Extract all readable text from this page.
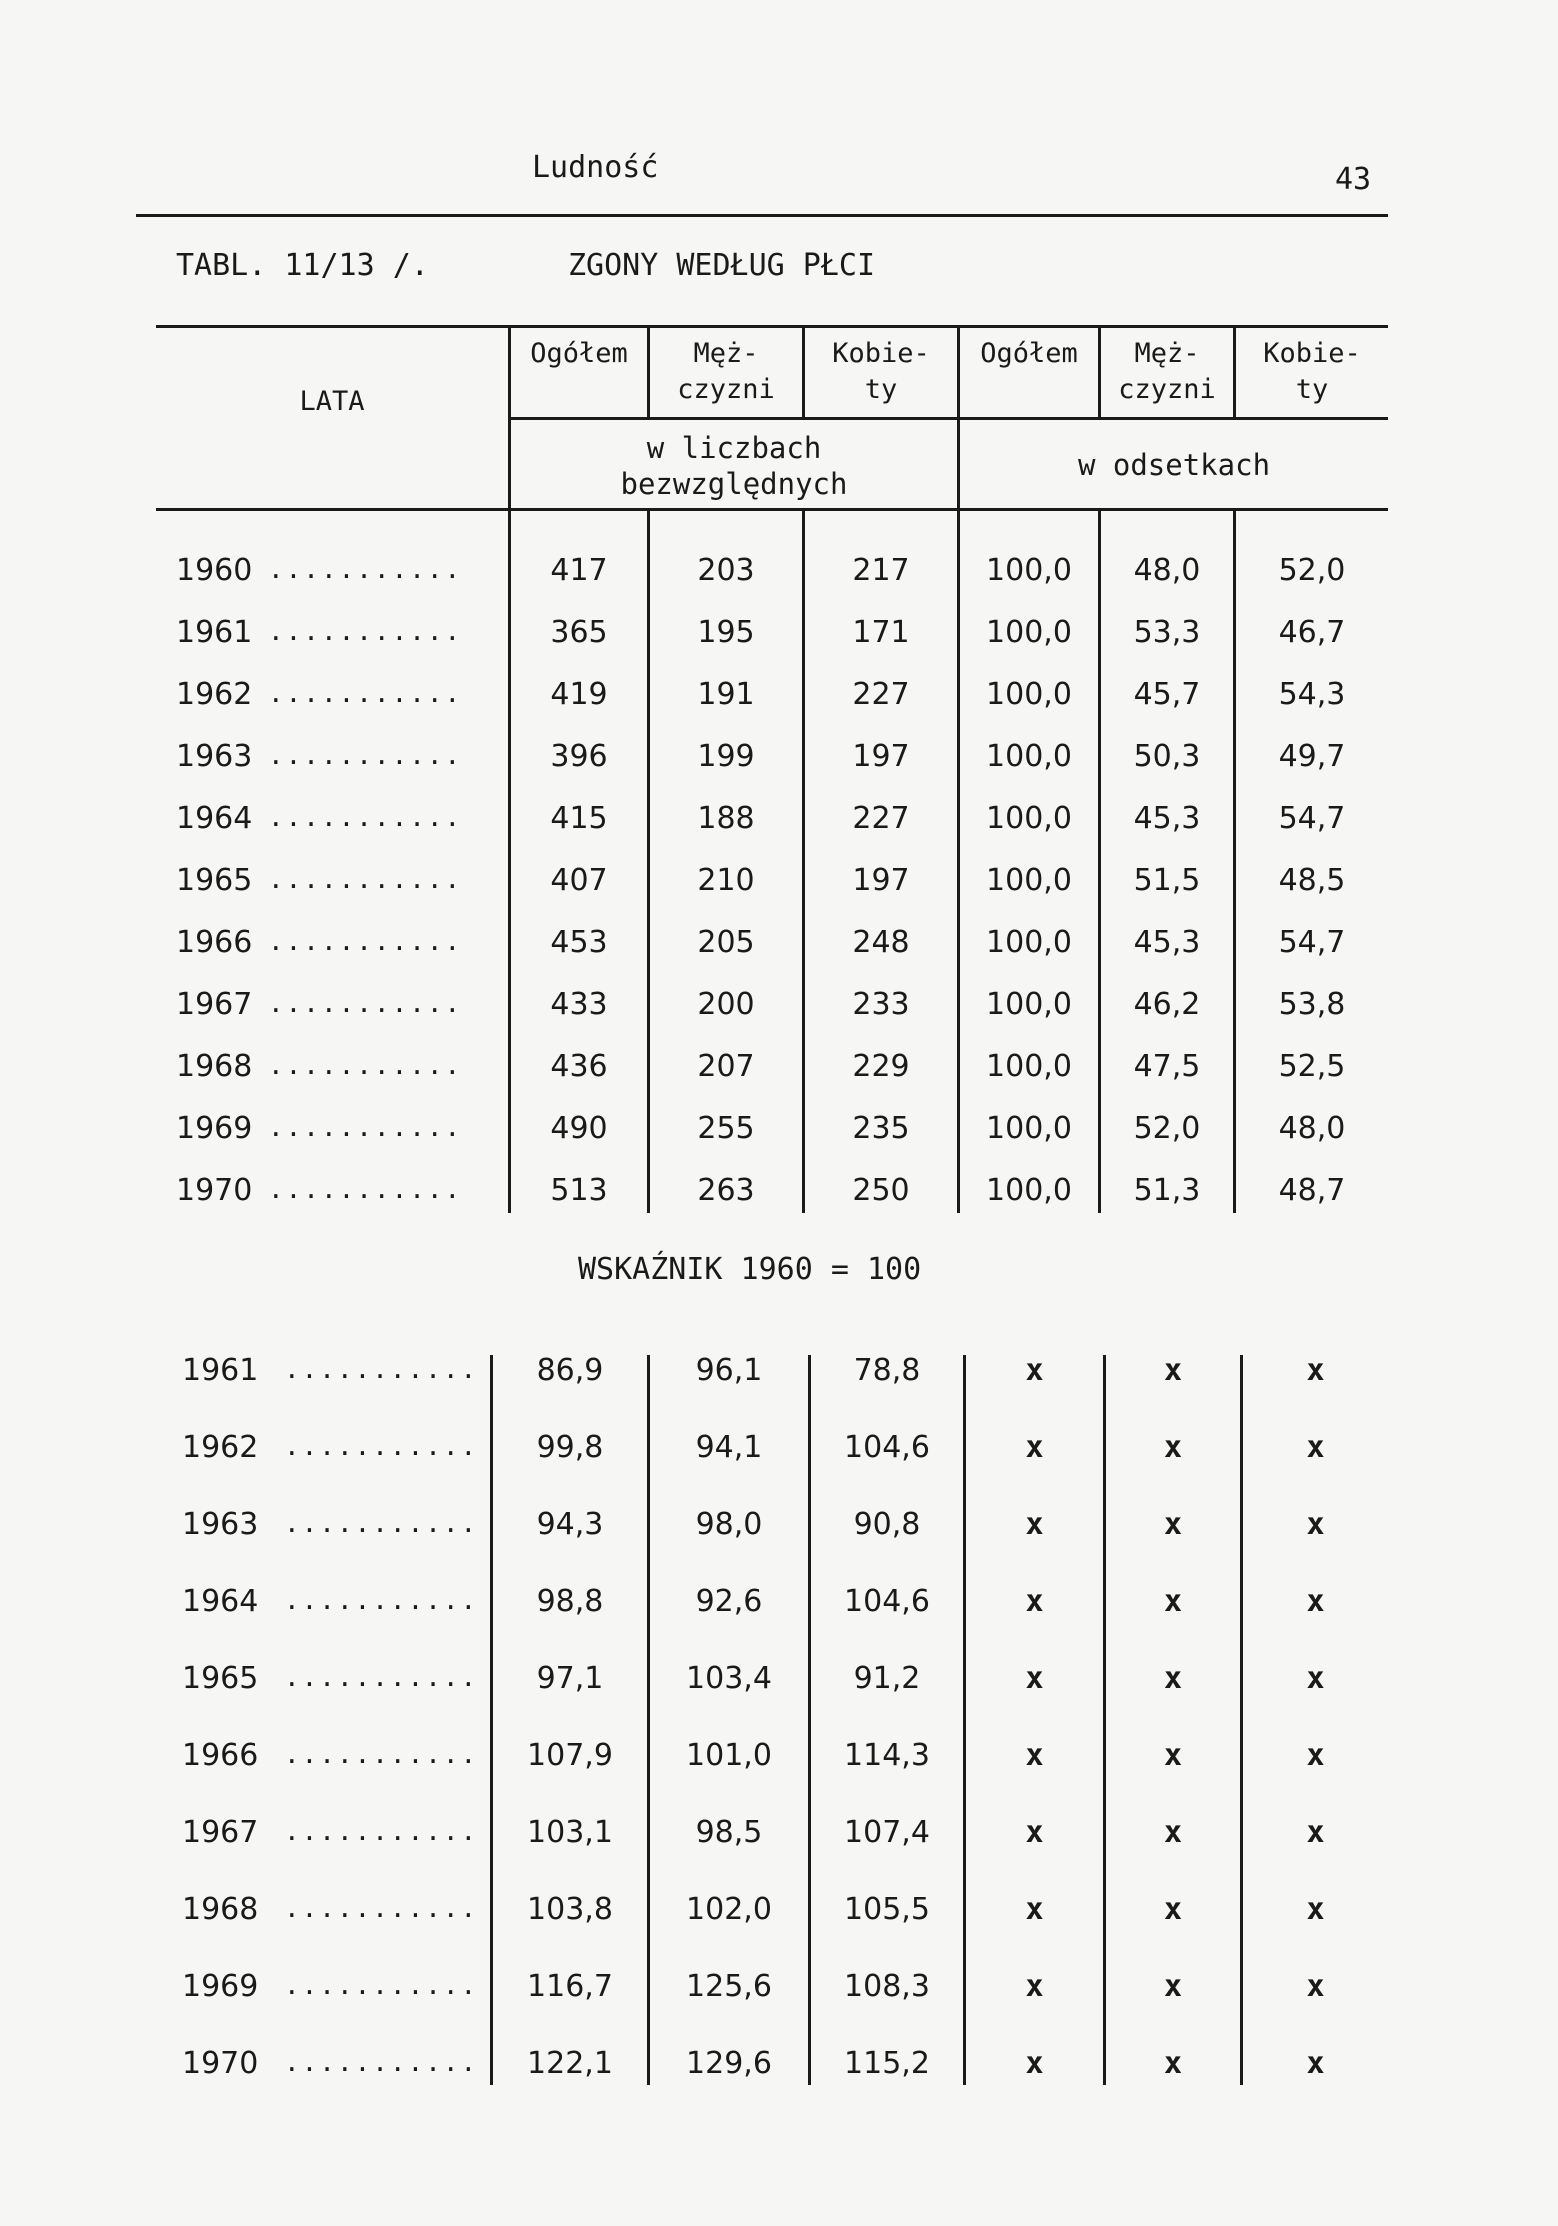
Ludność	43
TABL. 11/13 /.	ZGONY WEDŁUG PŁCI
LATA
Ogółem	Męż-
czyzni
Kobie-
ty
Ogółem	Męż-
czyzni
Kobie-
ty
w liczbach
bezwzględnych
w odsetkach
1960 ...........	417	203	217	100,0	48,0	52,0
1961 ...........	365	195	171	100,0	53,3	46,7
1962 ...........	419	191	227	100,0	45,7	54,3
1963 ...........	396	199	197	100,0	50,3	49,7
1964 ...........	415	188	227	100,0	45,3	54,7
1965 ...........	407	210	197	100,0	51,5	48,5
1966 ...........	453	205	248	100,0	45,3	54,7
1967 ...........	433	200	233	100,0	46,2	53,8
1968 ...........	436	207	229	100,0	47,5	52,5
1969 ...........	490	255	235	100,0	52,0	48,0
1970 ...........	513	263	250	100,0	51,3	48,7
WSKAŹNIK 1960 = 100
1961 ...........	86,9	96,1	78,8	x	x	x
1962 ...........	99,8	94,1	104,6	x	x	x
1963 ...........	94,3	98,0	90,8	x	x	x
1964 ...........	98,8	92,6	104,6	x	x	x
1965 ...........	97,1	103,4	91,2	x	x	x
1966 ...........	107,9	101,0	114,3	x	x	x
1967 ...........	103,1	98,5	107,4	x	x	x
1968 ...........	103,8	102,0	105,5	x	x	x
1969 ...........	116,7	125,6	108,3	x	x	x
1970 ...........	122,1	129,6	115,2	x	x	x
